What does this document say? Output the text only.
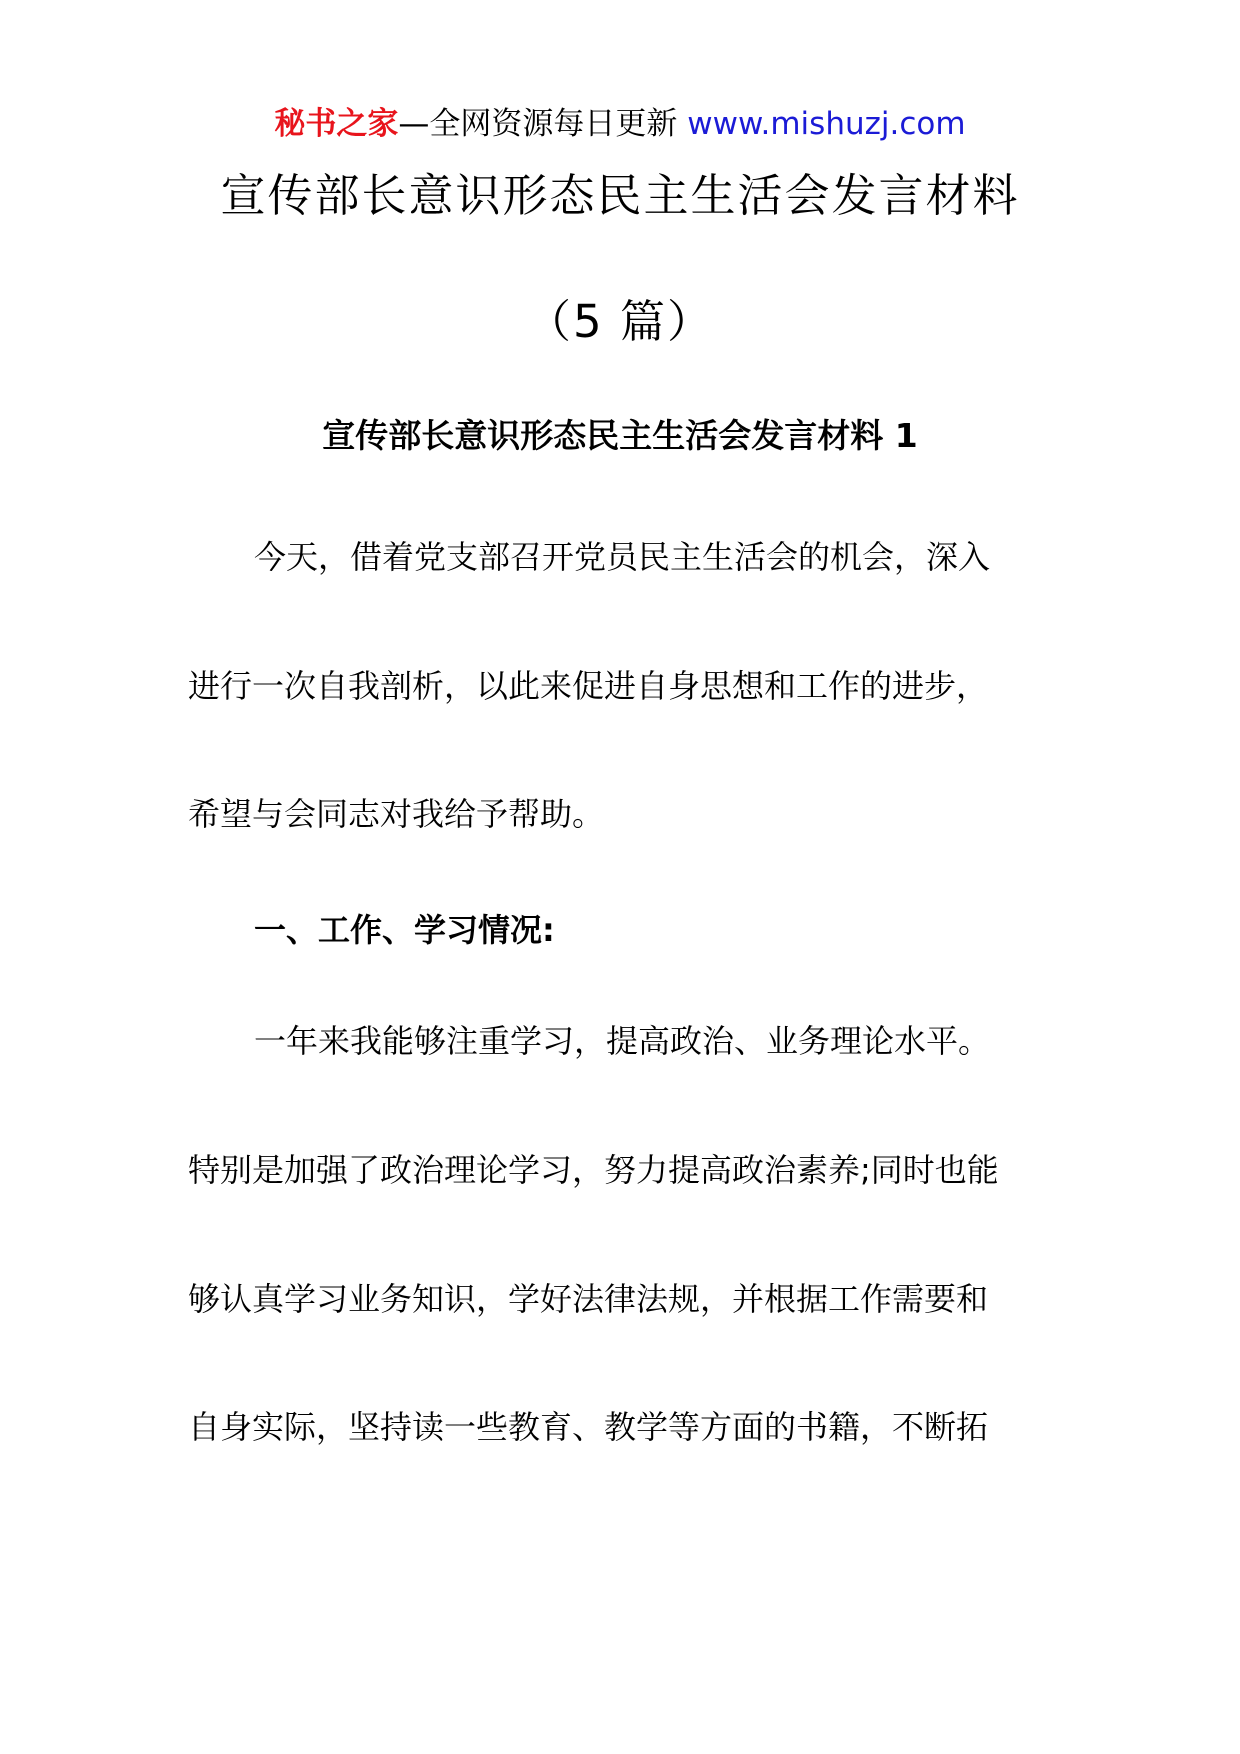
秘书之家—全网资源每日更新 www.mishuzj.com
宣传部长意识形态民主生活会发言材料
（5 篇）
宣传部长意识形态民主生活会发言材料 1
今天，借着党支部召开党员民主生活会的机会，深入
进行一次自我剖析，以此来促进自身思想和工作的进步，
希望与会同志对我给予帮助。
一、工作、学习情况:
一年来我能够注重学习，提高政治、业务理论水平。
特别是加强了政治理论学习，努力提高政治素养;同时也能
够认真学习业务知识，学好法律法规，并根据工作需要和
自身实际，坚持读一些教育、教学等方面的书籍，不断拓
